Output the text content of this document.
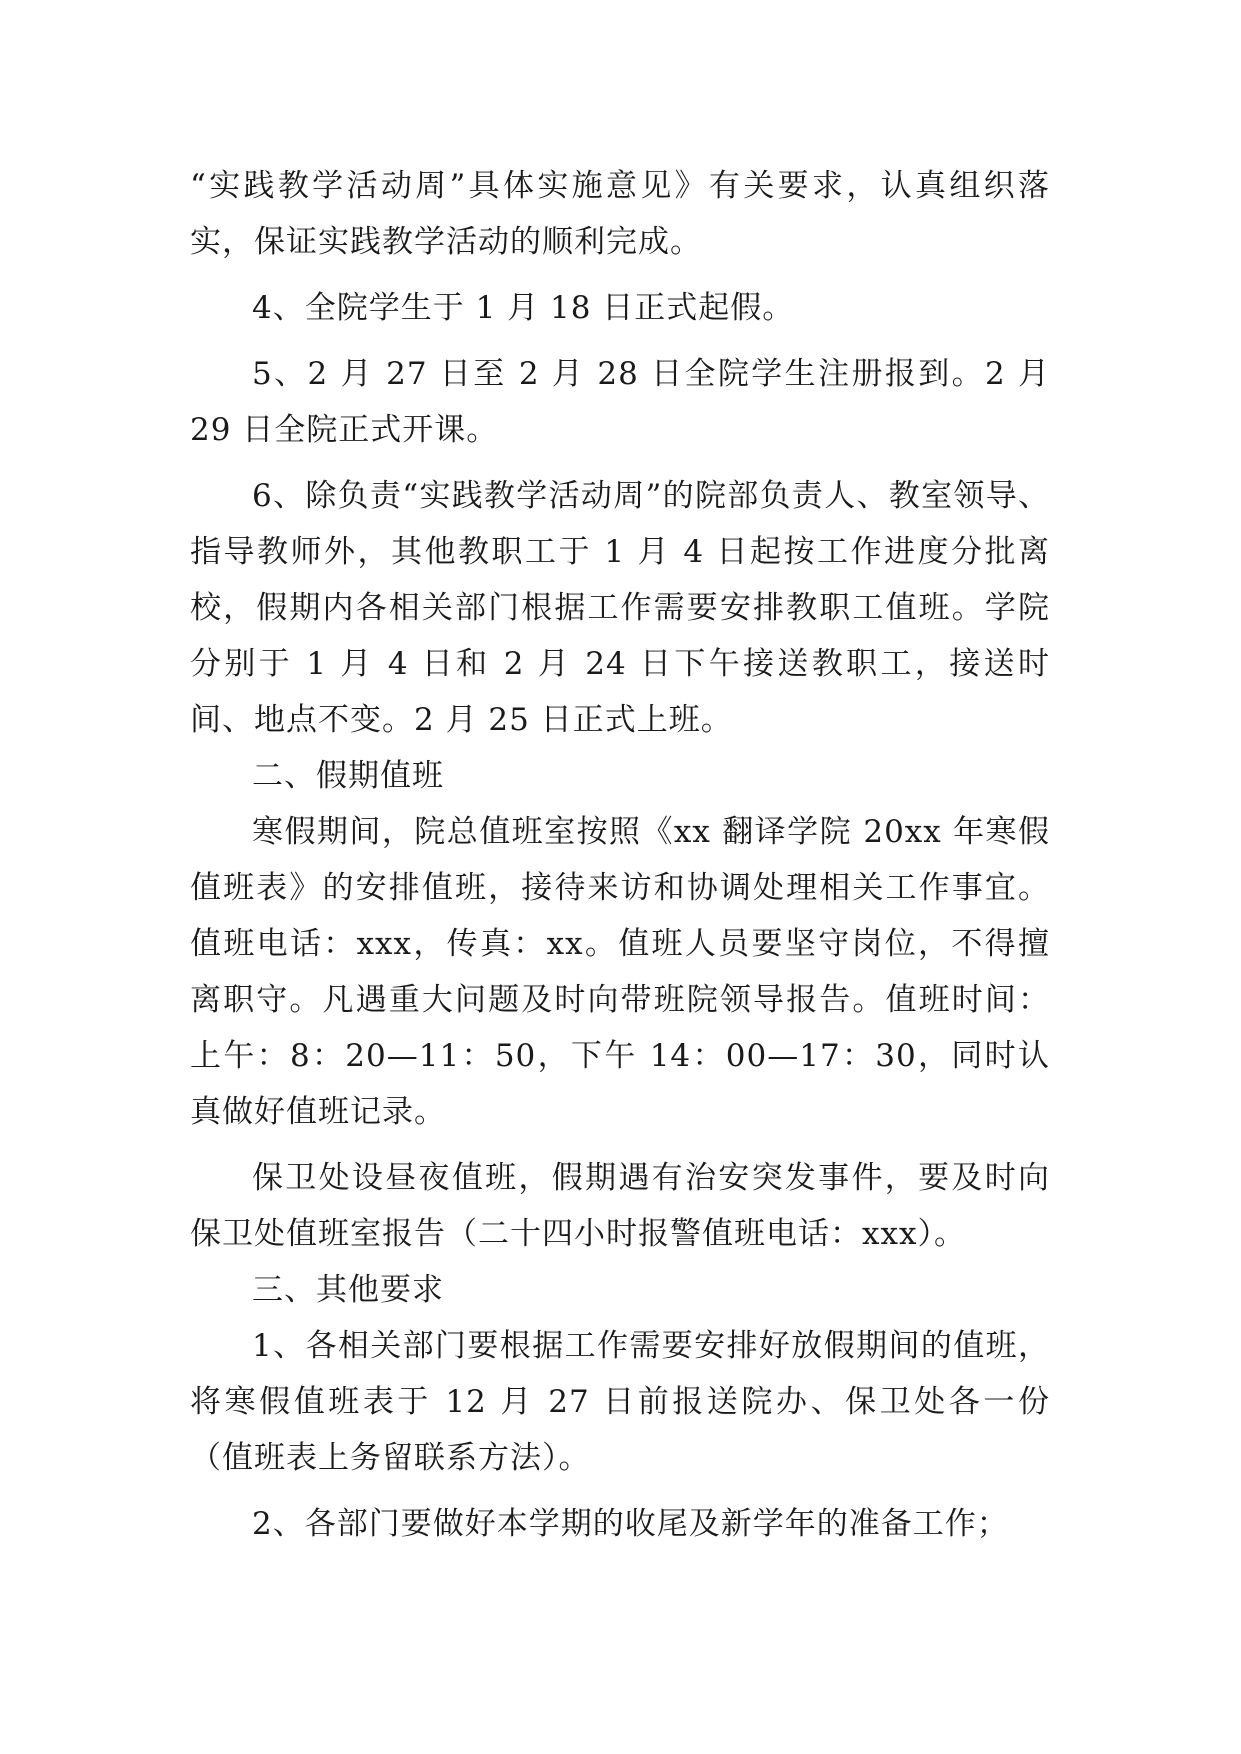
“实践教学活动周”具体实施意见》有关要求，认真组织落实，保证实践教学活动的顺利完成。

4、全院学生于 1 月 18 日正式起假。

5、2 月 27 日至 2 月 28 日全院学生注册报到。2 月 29 日全院正式开课。

6、除负责“实践教学活动周”的院部负责人、教室领导、指导教师外，其他教职工于 1 月 4 日起按工作进度分批离校，假期内各相关部门根据工作需要安排教职工值班。学院分别于 1 月 4 日和 2 月 24 日下午接送教职工，接送时间、地点不变。2 月 25 日正式上班。

二、假期值班

寒假期间，院总值班室按照《xx 翻译学院 20xx 年寒假值班表》的安排值班，接待来访和协调处理相关工作事宜。值班电话：xxx，传真：xx。值班人员要坚守岗位，不得擅离职守。凡遇重大问题及时向带班院领导报告。值班时间：上午：8：20—11：50，下午 14：00—17：30，同时认真做好值班记录。

保卫处设昼夜值班，假期遇有治安突发事件，要及时向保卫处值班室报告（二十四小时报警值班电话：xxx）。

三、其他要求

1、各相关部门要根据工作需要安排好放假期间的值班，将寒假值班表于 12 月 27 日前报送院办、保卫处各一份（值班表上务留联系方法）。

2、各部门要做好本学期的收尾及新学年的准备工作；
